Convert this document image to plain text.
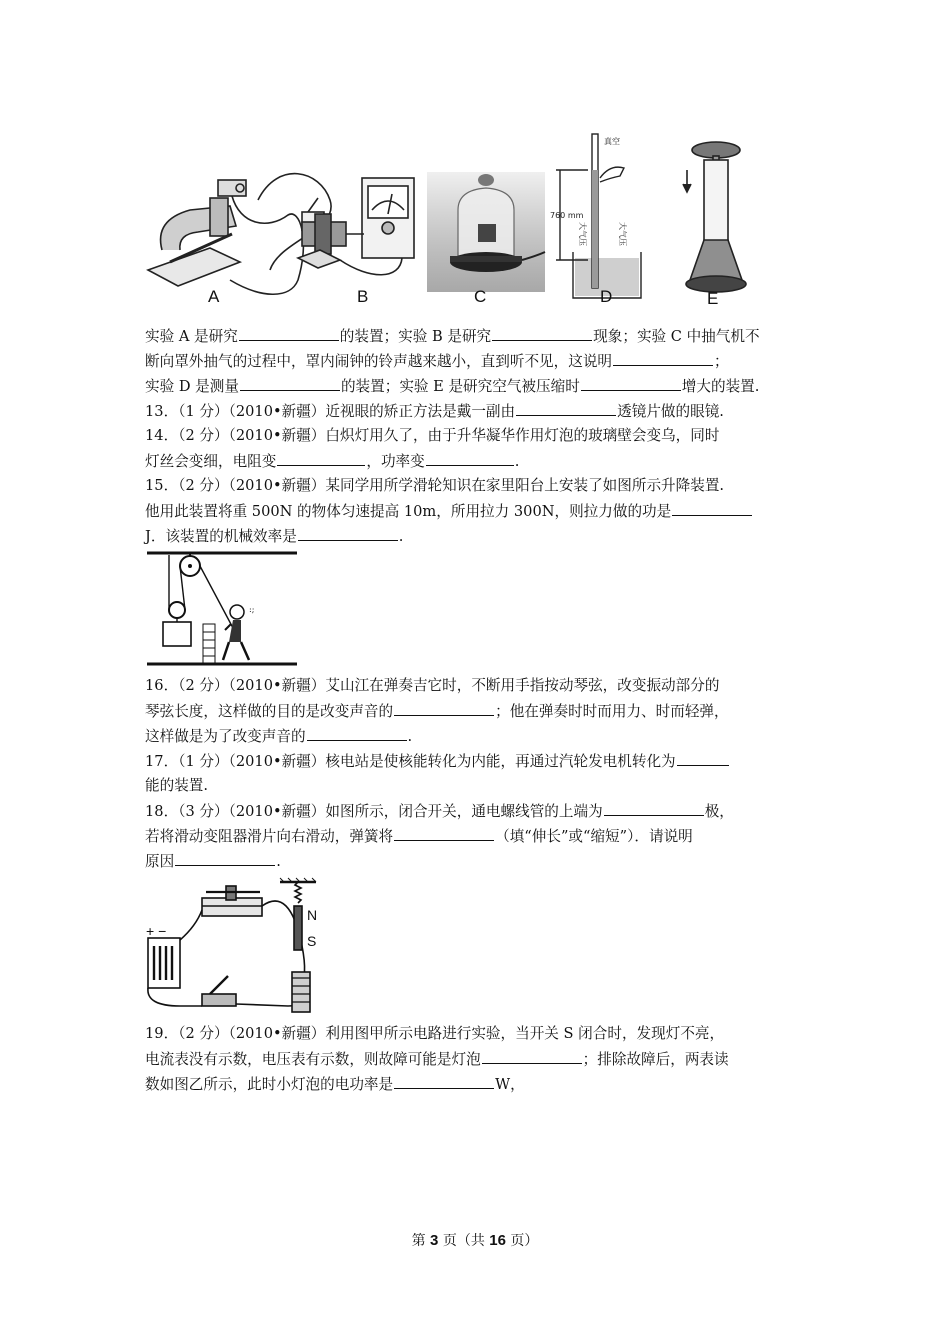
A	B	C
真空
760 mm
大气压	大气压
D	E
实验 A 是研究	的装置；实验 B 是研究	现象；实验 C 中抽气机不
断向罩外抽气的过程中，罩内闹钟的铃声越来越小，直到听不见，这说明	；
实验 D 是测量	的装置；实验 E 是研究空气被压缩时	增大的装置.
13．（1 分）（2010•新疆）近视眼的矫正方法是戴一副由	透镜片做的眼镜.
14．（2 分）（2010•新疆）白炽灯用久了，由于升华凝华作用灯泡的玻璃壁会变乌，同时
灯丝会变细，电阻变	，功率变	.
15．（2 分）（2010•新疆）某同学用所学滑轮知识在家里阳台上安装了如图所示升降装置.
他用此装置将重 500N 的物体匀速提高 10m，所用拉力 300N，则拉力做的功是
J．该装置的机械效率是	.
:;
16．（2 分）（2010•新疆）艾山江在弹奏吉它时，不断用手指按动琴弦，改变振动部分的
琴弦长度，这样做的目的是改变声音的	；他在弹奏时时而用力、时而轻弹，
这样做是为了改变声音的	.
17．（1 分）（2010•新疆）核电站是使核能转化为内能，再通过汽轮发电机转化为
能的装置.
18．（3 分）（2010•新疆）如图所示，闭合开关，通电螺线管的上端为	极，
若将滑动变阻器滑片向右滑动，弹簧将	（填“伸长”或“缩短”）．请说明
原因	.
N
S
+ −
19．（2 分）（2010•新疆）利用图甲所示电路进行实验，当开关 S 闭合时，发现灯不亮，
电流表没有示数，电压表有示数，则故障可能是灯泡	；排除故障后，两表读
数如图乙所示，此时小灯泡的电功率是	W，
第 3 页（共 16 页）
